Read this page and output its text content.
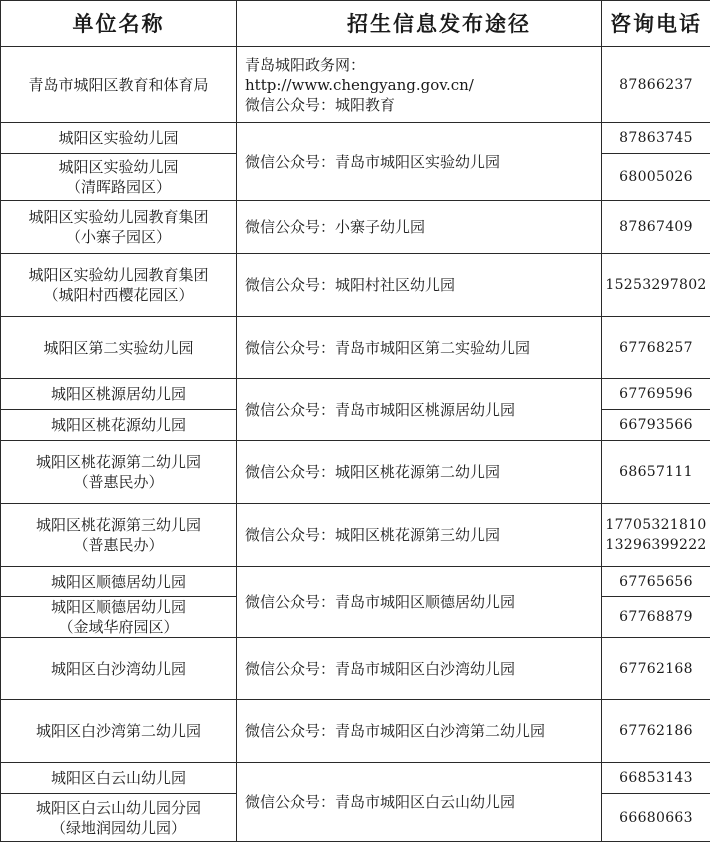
单位名称	招生信息发布途径	咨询电话

青岛市城阳区教育和体育局	青岛城阳政务网：
http://www.chengyang.gov.cn/
微信公众号：城阳教育	87866237

城阳区实验幼儿园	微信公众号：青岛市城阳区实验幼儿园	87863745

城阳区实验幼儿园
（清晖路园区）		68005026

城阳区实验幼儿园教育集团
（小寨子园区）	微信公众号：小寨子幼儿园	87867409

城阳区实验幼儿园教育集团
（城阳村西樱花园区）	微信公众号：城阳村社区幼儿园	15253297802

城阳区第二实验幼儿园	微信公众号：青岛市城阳区第二实验幼儿园	67768257

城阳区桃源居幼儿园	微信公众号：青岛市城阳区桃源居幼儿园	67769596

城阳区桃花源幼儿园		66793566

城阳区桃花源第二幼儿园
（普惠民办）	微信公众号：城阳区桃花源第二幼儿园	68657111

城阳区桃花源第三幼儿园
（普惠民办）	微信公众号：城阳区桃花源第三幼儿园	17705321810
13296399222

城阳区顺德居幼儿园	微信公众号：青岛市城阳区顺德居幼儿园	67765656

城阳区顺德居幼儿园
（金域华府园区）		67768879

城阳区白沙湾幼儿园	微信公众号：青岛市城阳区白沙湾幼儿园	67762168

城阳区白沙湾第二幼儿园	微信公众号：青岛市城阳区白沙湾第二幼儿园	67762186

城阳区白云山幼儿园	微信公众号：青岛市城阳区白云山幼儿园	66853143

城阳区白云山幼儿园分园
（绿地润园幼儿园）		66680663
